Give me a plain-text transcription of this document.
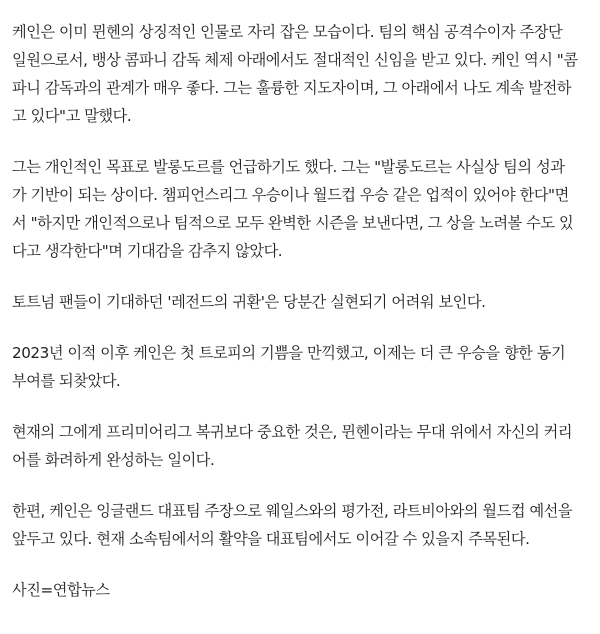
케인은 이미 뮌헨의 상징적인 인물로 자리 잡은 모습이다. 팀의 핵심 공격수이자 주장단
일원으로서, 뱅상 콤파니 감독 체제 아래에서도 절대적인 신임을 받고 있다. 케인 역시 "콤
파니 감독과의 관계가 매우 좋다. 그는 훌륭한 지도자이며, 그 아래에서 나도 계속 발전하
고 있다"고 말했다.

그는 개인적인 목표로 발롱도르를 언급하기도 했다. 그는 "발롱도르는 사실상 팀의 성과
가 기반이 되는 상이다. 챔피언스리그 우승이나 월드컵 우승 같은 업적이 있어야 한다"면
서 "하지만 개인적으로나 팀적으로 모두 완벽한 시즌을 보낸다면, 그 상을 노려볼 수도 있
다고 생각한다"며 기대감을 감추지 않았다.

토트넘 팬들이 기대하던 '레전드의 귀환'은 당분간 실현되기 어려워 보인다.

2023년 이적 이후 케인은 첫 트로피의 기쁨을 만끽했고, 이제는 더 큰 우승을 향한 동기
부여를 되찾았다.

현재의 그에게 프리미어리그 복귀보다 중요한 것은, 뮌헨이라는 무대 위에서 자신의 커리
어를 화려하게 완성하는 일이다.

한편, 케인은 잉글랜드 대표팀 주장으로 웨일스와의 평가전, 라트비아와의 월드컵 예선을
앞두고 있다. 현재 소속팀에서의 활약을 대표팀에서도 이어갈 수 있을지 주목된다.

사진=연합뉴스
